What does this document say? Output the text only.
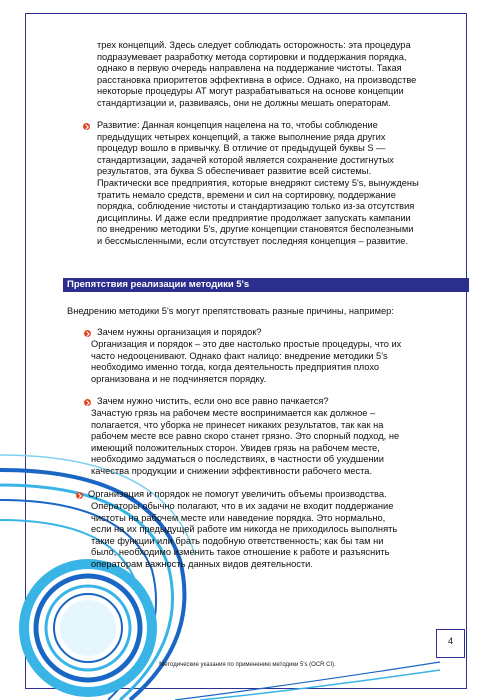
трех концепций. Здесь следует соблюдать осторожность: эта процедура
подразумевает разработку метода сортировки и поддержания порядка,
однако в первую очередь направлена на поддержание чистоты. Такая
расстановка приоритетов эффективна в офисе. Однако, на производстве
некоторые процедуры АТ могут разрабатываться на основе концепции
стандартизации и, развиваясь, они не должны мешать операторам.
Развитие: Данная концепция нацелена на то, чтобы соблюдение
предыдущих четырех концепций, а также выполнение ряда других
процедур вошло в привычку. В отличие от предыдущей буквы S —
стандартизации, задачей которой является сохранение достигнутых
результатов, эта буква S обеспечивает развитие всей системы.
Практически все предприятия, которые внедряют систему 5's, вынуждены
тратить немало средств, времени и сил на сортировку, поддержание
порядка, соблюдение чистоты и стандартизацию только из-за отсутствия
дисциплины. И даже если предприятие продолжает запускать кампании
по внедрению методики 5's, другие концепции становятся бесполезными
и бессмысленными, если отсутствует последняя концепция – развитие.
Препятствия реализации методики 5's
Внедрению методики 5's могут препятствовать разные причины, например:
Зачем нужны организация и порядок?
Организация и порядок – это две настолько простые процедуры, что их
часто недооценивают. Однако факт налицо: внедрение методики 5's
необходимо именно тогда, когда деятельность предприятия плохо
организована и не подчиняется порядку.
Зачем нужно чистить, если оно все равно пачкается?
Зачастую грязь на рабочем месте воспринимается как должное –
полагается, что уборка не принесет никаких результатов, так как на
рабочем месте все равно скоро станет грязно. Это спорный подход, не
имеющий положительных сторон. Увидев грязь на рабочем месте,
необходимо задуматься о последствиях, в частности об ухудшении
качества продукции и снижении эффективности рабочего места.
Организация и порядок не помогут увеличить объемы производства.
Операторы обычно полагают, что в их задачи не входит поддержание
чистоты на рабочем месте или наведение порядка. Это нормально,
если на их предыдущей работе им никогда не приходилось выполнять
такие функции или брать подобную ответственность; как бы там ни
было, необходимо изменить такое отношение к работе и разъяснить
операторам важность данных видов деятельности.
4
Методические указания по применению методики 5's (OCR CI).
